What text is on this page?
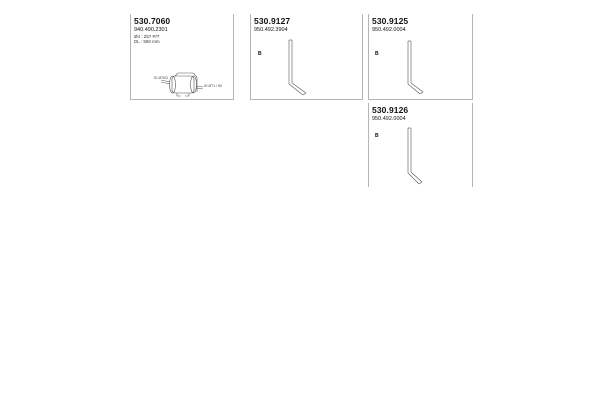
530.7060
940.490.2301
Ø4 : 257 P/T
DL : 550 mm
ID Ø76/2
ID Ø71 / 50
530.9127
950.492.3904
B
530.9125
950.492.0004
B
530.9126
950.492.0004
B
